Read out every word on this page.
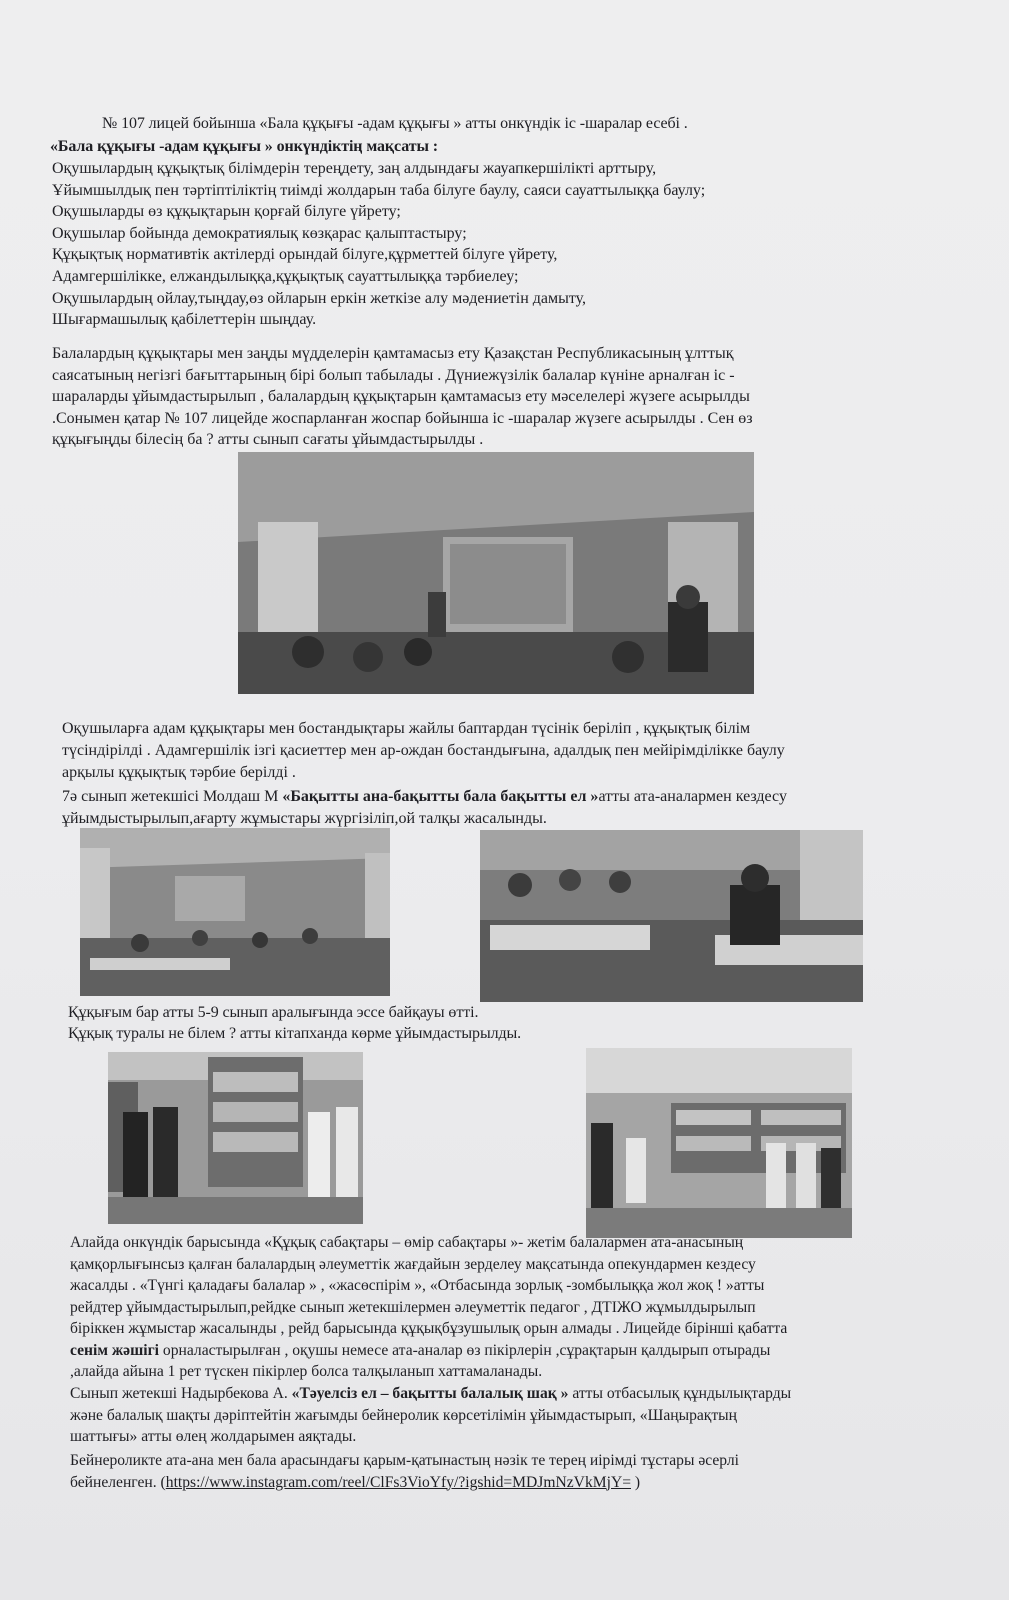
№ 107 лицей бойынша «Бала құқығы -адам құқығы » атты онкүндік іс -шаралар есебі .
«Бала құқығы -адам құқығы » онкүндіктің мақсаты :
Оқушылардың құқықтық білімдерін тереңдету, заң алдындағы жауапкершілікті арттыру,
Ұйымшылдық пен тәртіптіліктің тиімді жолдарын таба білуге баулу, саяси сауаттылыққа баулу;
Оқушыларды өз құқықтарын қорғай білуге үйрету;
Оқушылар бойында демократиялық көзқарас қалыптастыру;
Құқықтық нормативтік актілерді орындай білуге,құрметтей білуге үйрету,
Адамгершілікке, елжандылыққа,құқықтық сауаттылыққа тәрбиелеу;
Оқушылардың ойлау,тыңдау,өз ойларын еркін жеткізе алу мәдениетін дамыту,
Шығармашылық қабілеттерін шыңдау.
Балалардың құқықтары мен заңды мүдделерін қамтамасыз ету Қазақстан Республикасының ұлттық
саясатының негізгі бағыттарының бірі болып табылады . Дүниежүзілік балалар күніне арналған іс -
шараларды ұйымдастырылып , балалардың құқықтарын қамтамасыз ету мәселелері жүзеге асырылды
.Сонымен қатар № 107 лицейде жоспарланған жоспар бойынша іс -шаралар жүзеге асырылды . Сен өз
құқығыңды білесің ба ? атты сынып сағаты ұйымдастырылды .
Оқушыларға адам құқықтары мен бостандықтары жайлы баптардан түсінік беріліп , құқықтық білім
түсіндірілді . Адамгершілік ізгі қасиеттер мен ар-ождан бостандығына, адалдық пен мейірімділікке баулу
арқылы құқықтық тәрбие берілді .
7ә сынып жетекшісі Молдаш М «Бақытты ана-бақытты бала бақытты ел »атты ата-аналармен кездесу
ұйымдыстырылып,ағарту жұмыстары жүргізіліп,ой талқы жасалынды.
Құқығым бар атты 5-9 сынып аралығында эссе байқауы өтті.
Құқық туралы не білем ? атты кітапханда көрме ұйымдастырылды.
Алайда онкүндік барысында «Құқық сабақтары – өмір сабақтары »- жетім балалармен ата-анасының
қамқорлығынсыз қалған балалардың әлеуметтік жағдайын зерделеу мақсатында опекундармен кездесу
жасалды . «Түнгі қаладағы балалар » , «жасөспірім », «Отбасында зорлық -зомбылыққа жол жоқ ! »атты
рейдтер ұйымдастырылып,рейдке сынып жетекшілермен әлеуметтік педагог , ДТІЖО жұмылдырылып
біріккен жұмыстар жасалынды , рейд барысында құқықбұзушылық орын алмады . Лицейде бірінші қабатта
сенім жәшігі орналастырылған , оқушы немесе ата-аналар өз пікірлерін ,сұрақтарын қалдырып отырады
,алайда айына 1 рет түскен пікірлер болса талқыланып хаттамаланады.
Сынып жетекші Надырбекова А. «Тәуелсіз ел – бақытты балалық шақ » атты отбасылық құндылықтарды
және балалық шақты дәріптейтін жағымды бейнеролик көрсетілімін ұйымдастырып, «Шаңырақтың
шаттығы» атты өлең жолдарымен аяқтады.
Бейнероликте ата-ана мен бала арасындағы қарым-қатынастың нәзік те терең иірімді тұстары әсерлі
бейнеленген. (https://www.instagram.com/reel/ClFs3VioYfy/?igshid=MDJmNzVkMjY= )
